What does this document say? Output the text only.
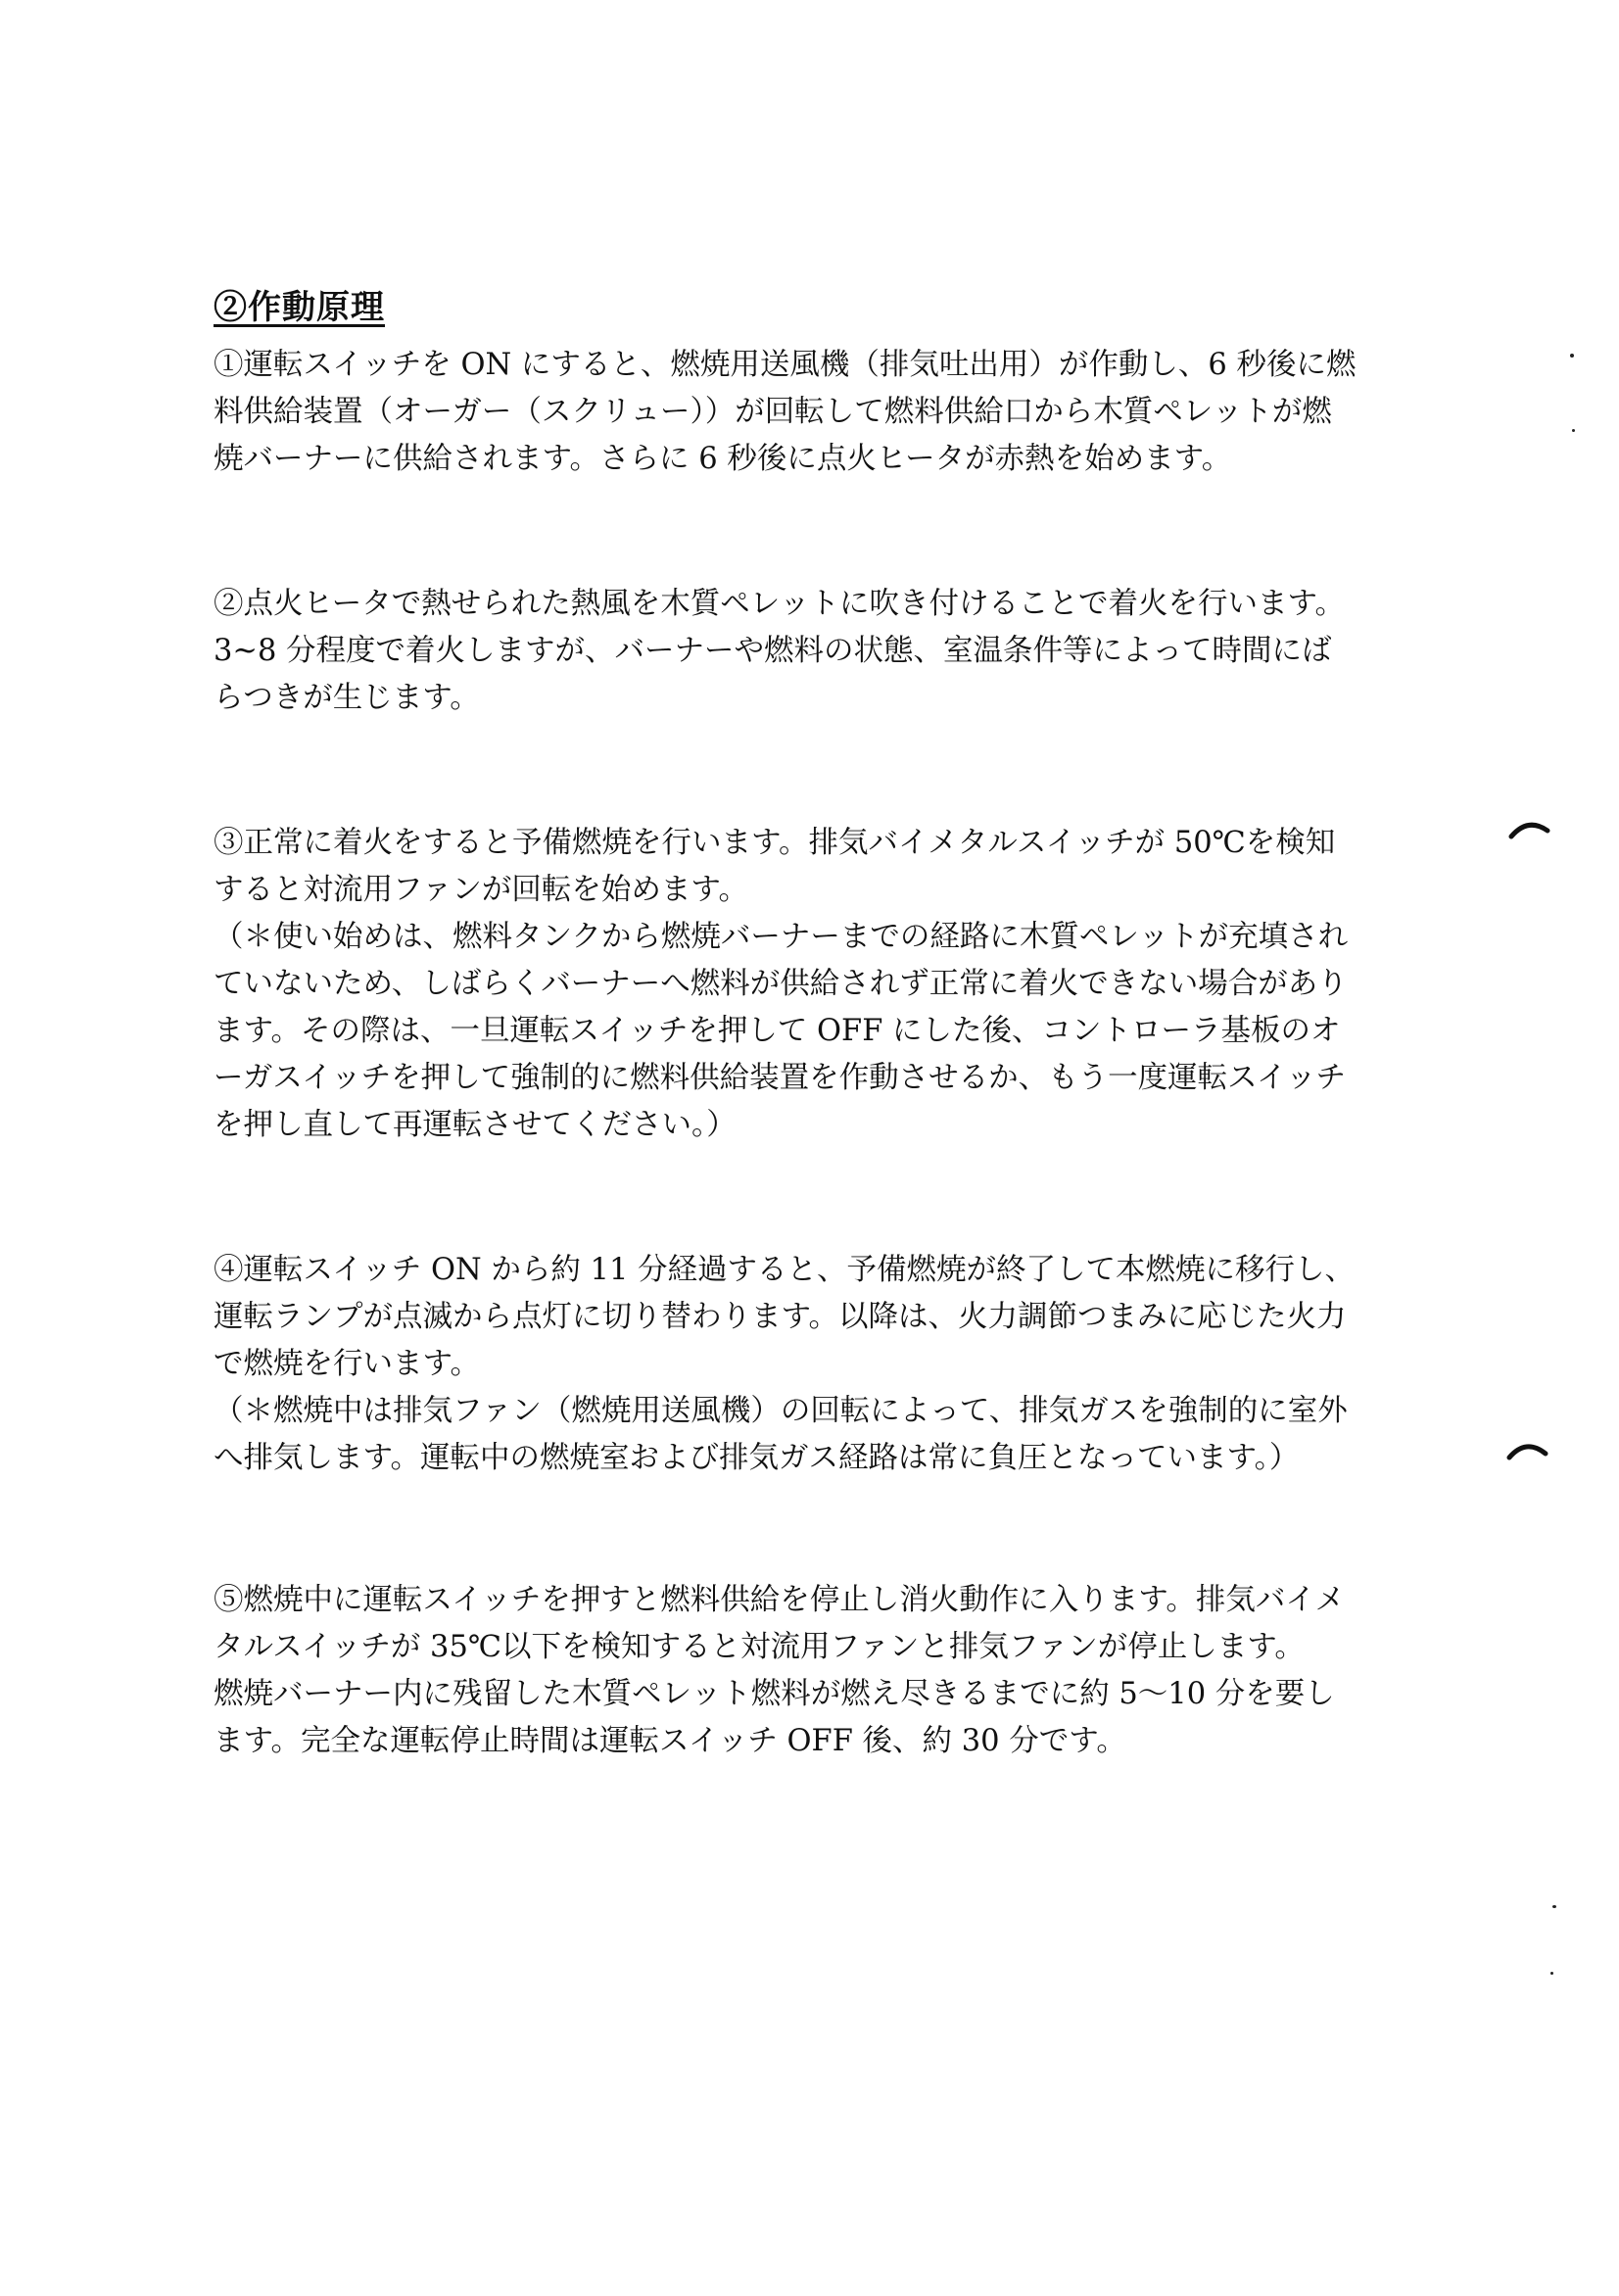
②作動原理
①運転スイッチを ON にすると、燃焼用送風機（排気吐出用）が作動し、6 秒後に燃
料供給装置（オーガー（スクリュー））が回転して燃料供給口から木質ペレットが燃
焼バーナーに供給されます。さらに 6 秒後に点火ヒータが赤熱を始めます。
②点火ヒータで熱せられた熱風を木質ペレットに吹き付けることで着火を行います。
3~8 分程度で着火しますが、バーナーや燃料の状態、室温条件等によって時間にば
らつきが生じます。
③正常に着火をすると予備燃焼を行います。排気バイメタルスイッチが 50℃を検知
すると対流用ファンが回転を始めます。
（＊使い始めは、燃料タンクから燃焼バーナーまでの経路に木質ペレットが充填され
ていないため、しばらくバーナーへ燃料が供給されず正常に着火できない場合があり
ます。その際は、一旦運転スイッチを押して OFF にした後、コントローラ基板のオ
ーガスイッチを押して強制的に燃料供給装置を作動させるか、もう一度運転スイッチ
を押し直して再運転させてください。）
④運転スイッチ ON から約 11 分経過すると、予備燃焼が終了して本燃焼に移行し、
運転ランプが点滅から点灯に切り替わります。以降は、火力調節つまみに応じた火力
で燃焼を行います。
（＊燃焼中は排気ファン（燃焼用送風機）の回転によって、排気ガスを強制的に室外
へ排気します。運転中の燃焼室および排気ガス経路は常に負圧となっています。）
⑤燃焼中に運転スイッチを押すと燃料供給を停止し消火動作に入ります。排気バイメ
タルスイッチが 35℃以下を検知すると対流用ファンと排気ファンが停止します。
燃焼バーナー内に残留した木質ペレット燃料が燃え尽きるまでに約 5～10 分を要し
ます。完全な運転停止時間は運転スイッチ OFF 後、約 30 分です。
